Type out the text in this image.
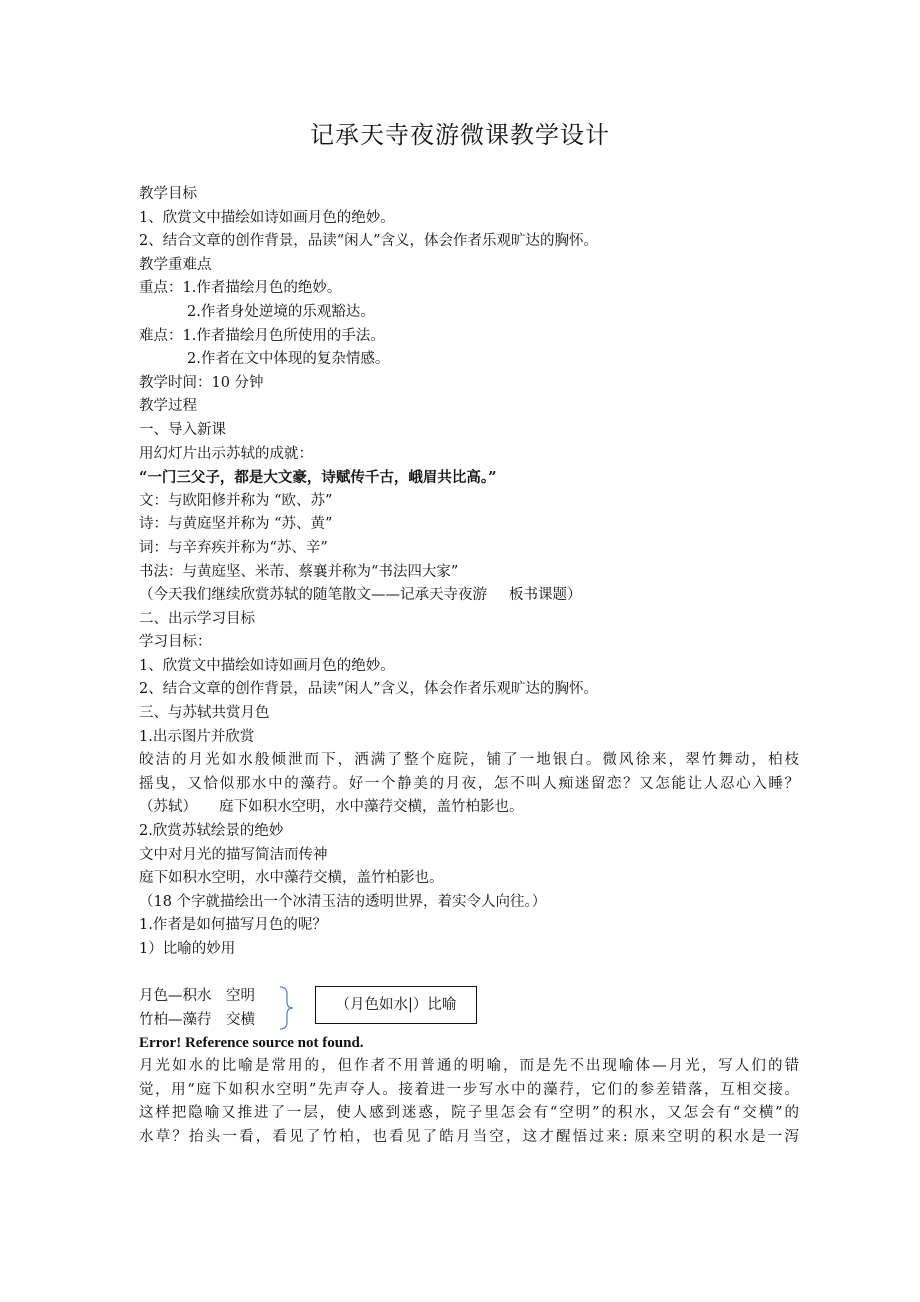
记承天寺夜游微课教学设计
教学目标
1、欣赏文中描绘如诗如画月色的绝妙。
2、结合文章的创作背景，品读“闲人”含义，体会作者乐观旷达的胸怀。
教学重难点
重点：1.作者描绘月色的绝妙。
2.作者身处逆境的乐观豁达。
难点：1.作者描绘月色所使用的手法。
2.作者在文中体现的复杂情感。
教学时间：10 分钟
教学过程
一、导入新课
用幻灯片出示苏轼的成就：
“一门三父子，都是大文豪，诗赋传千古，峨眉共比高。”
文：与欧阳修并称为 “欧、苏”
诗：与黄庭坚并称为 “苏、黄”
词：与辛弃疾并称为“苏、辛”
书法：与黄庭坚、米芾、蔡襄并称为“书法四大家”
（今天我们继续欣赏苏轼的随笔散文——记承天寺夜游 板书课题）
二、出示学习目标
学习目标：
1、欣赏文中描绘如诗如画月色的绝妙。
2、结合文章的创作背景，品读“闲人”含义，体会作者乐观旷达的胸怀。
三、与苏轼共赏月色
1.出示图片并欣赏
皎洁的月光如水般倾泄而下，洒满了整个庭院，铺了一地银白。微风徐来，翠竹舞动，柏枝
摇曳，又恰似那水中的藻荇。好一个静美的月夜，怎不叫人痴迷留恋？又怎能让人忍心入睡？
（苏轼） 庭下如积水空明，水中藻荇交横，盖竹柏影也。
2.欣赏苏轼绘景的绝妙
文中对月光的描写简洁而传神
庭下如积水空明，水中藻荇交横，盖竹柏影也。
（18 个字就描绘出一个冰清玉洁的透明世界，着实令人向往。）
1.作者是如何描写月色的呢？
1）比喻的妙用
月色—积水　空明
竹柏—藻荇　交横
（月色如水|）比喻
Error! Reference source not found.
月光如水的比喻是常用的，但作者不用普通的明喻，而是先不出现喻体—月光，写人们的错
觉，用“庭下如积水空明”先声夺人。接着进一步写水中的藻荇，它们的参差错落，互相交接。
这样把隐喻又推进了一层，使人感到迷惑，院子里怎会有“空明”的积水，又怎会有“交横”的
水草？抬头一看，看见了竹柏，也看见了皓月当空，这才醒悟过来: 原来空明的积水是一泻
